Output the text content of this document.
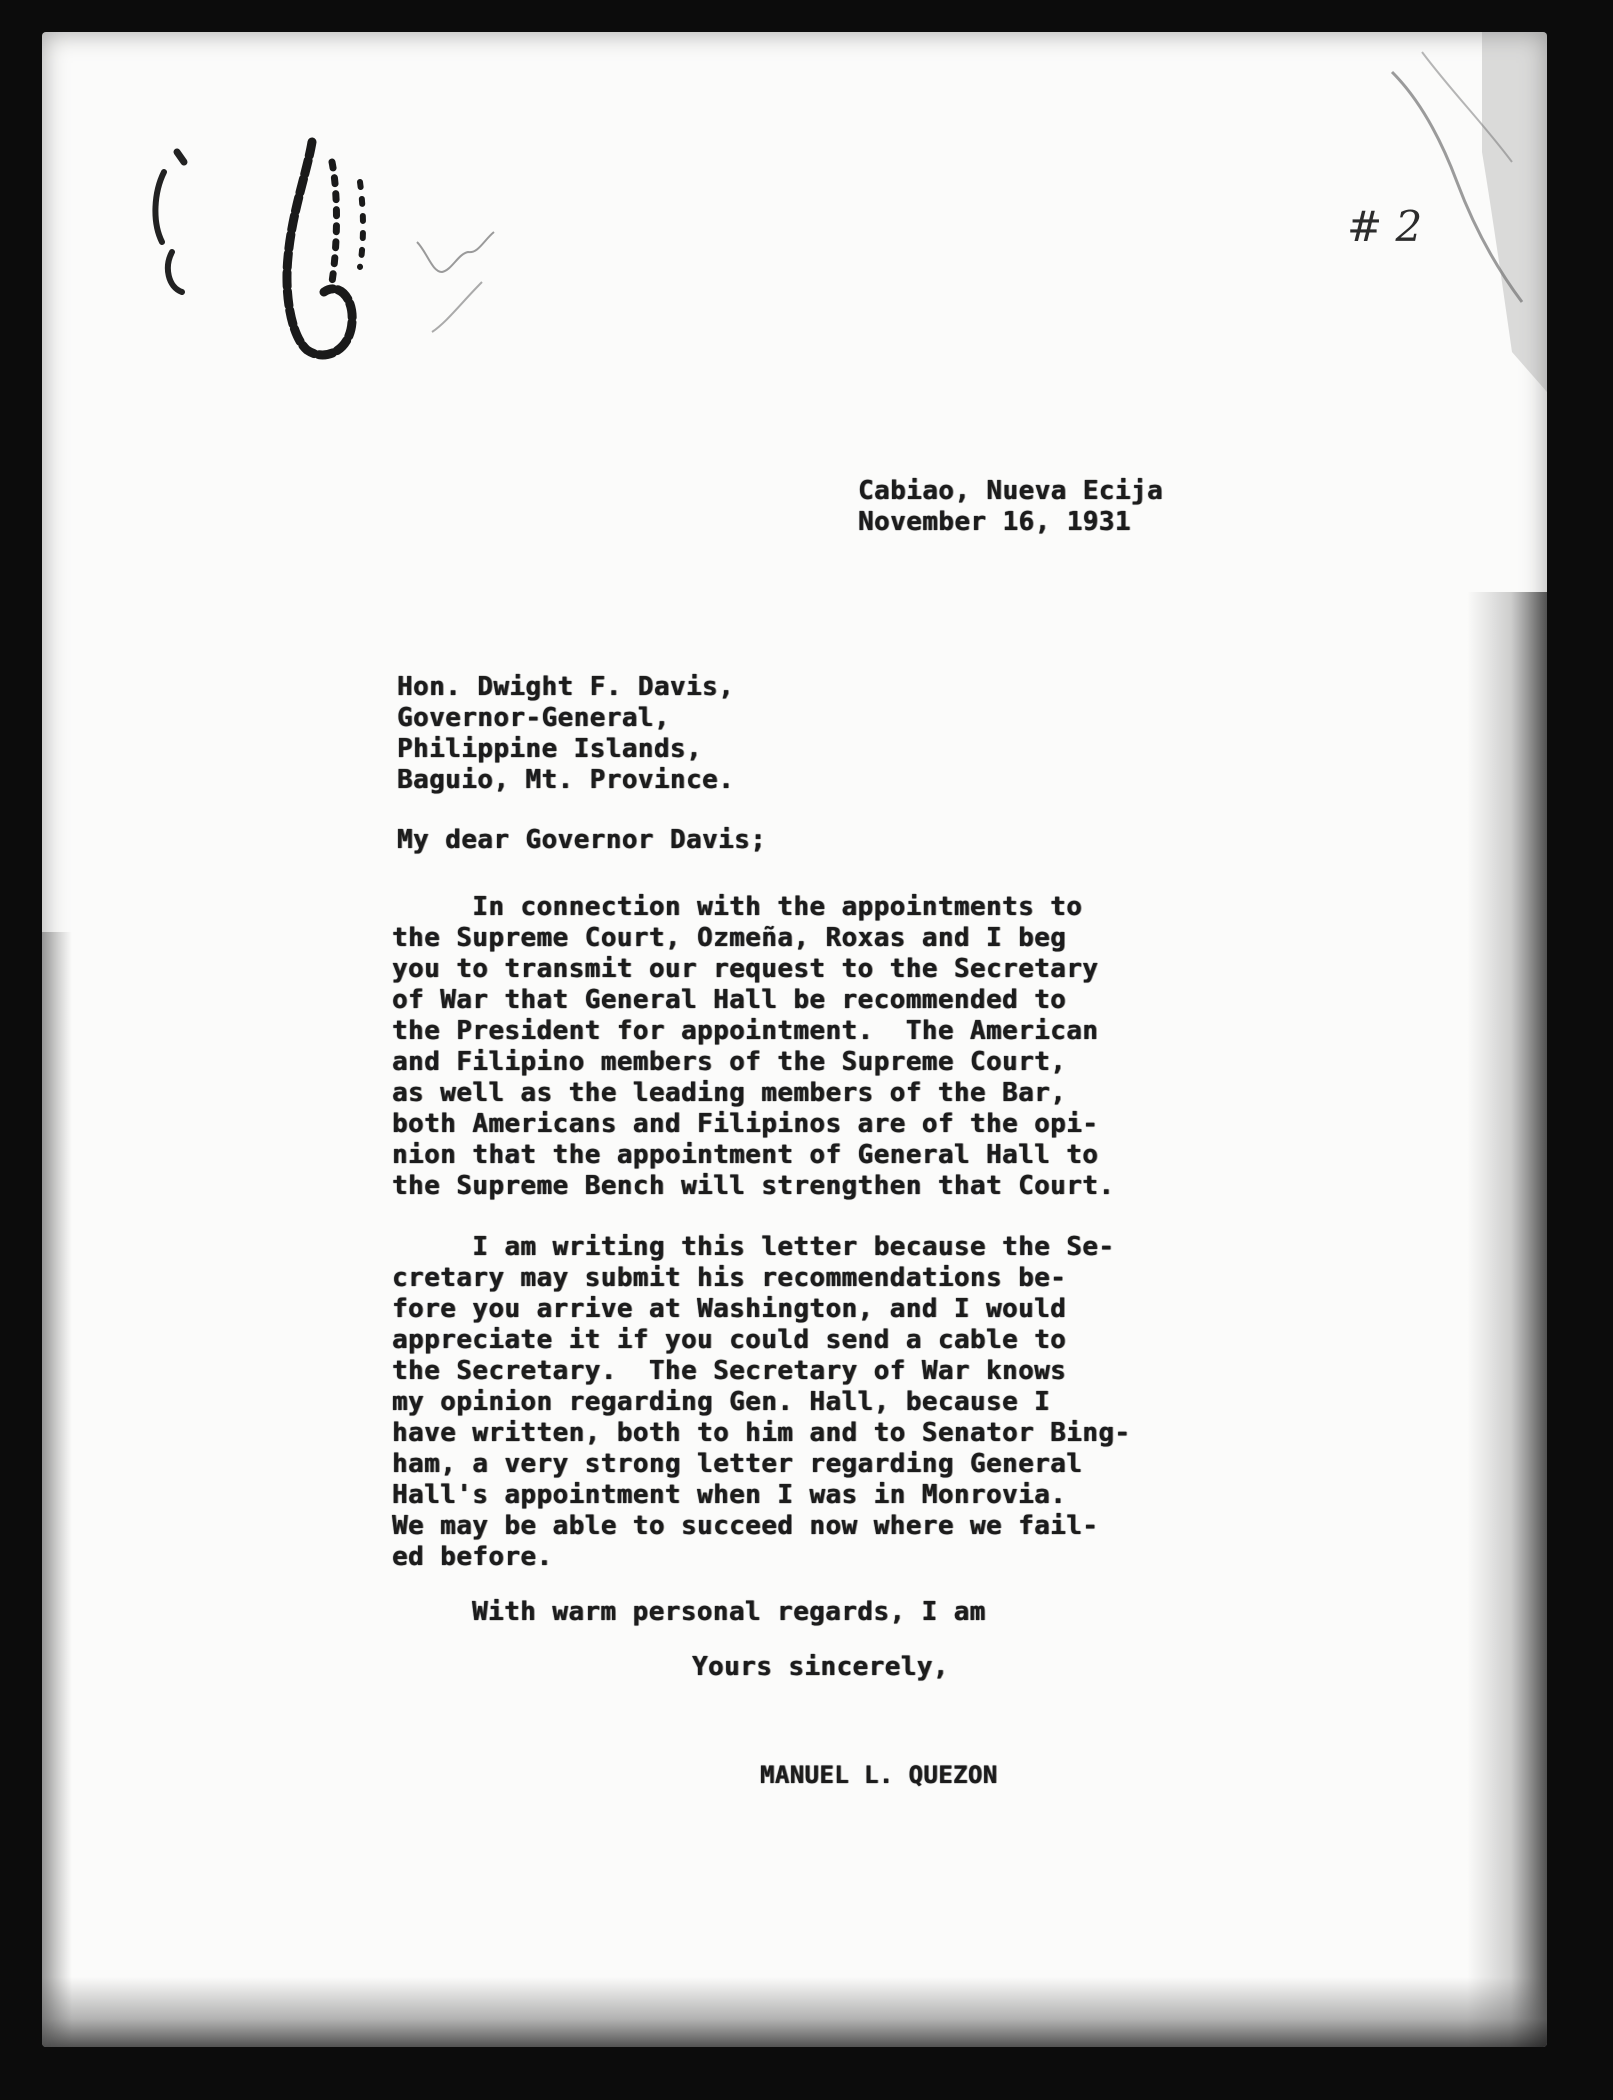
# 2

Cabiao, Nueva Ecija
November 16, 1931
Hon. Dwight F. Davis,
Governor-General,
Philippine Islands,
Baguio, Mt. Province.

My dear Governor Davis;

In connection with the appointments to
the Supreme Court, Ozmeña, Roxas and I beg
you to transmit our request to the Secretary
of War that General Hall be recommended to
the President for appointment.  The American
and Filipino members of the Supreme Court,
as well as the leading members of the Bar,
both Americans and Filipinos are of the opi-
nion that the appointment of General Hall to
the Supreme Bench will strengthen that Court.
I am writing this letter because the Se-
cretary may submit his recommendations be-
fore you arrive at Washington, and I would
appreciate it if you could send a cable to
the Secretary.  The Secretary of War knows
my opinion regarding Gen. Hall, because I
have written, both to him and to Senator Bing-
ham, a very strong letter regarding General
Hall's appointment when I was in Monrovia.
We may be able to succeed now where we fail-
ed before.

With warm personal regards, I am

Yours sincerely,

MANUEL L. QUEZON
